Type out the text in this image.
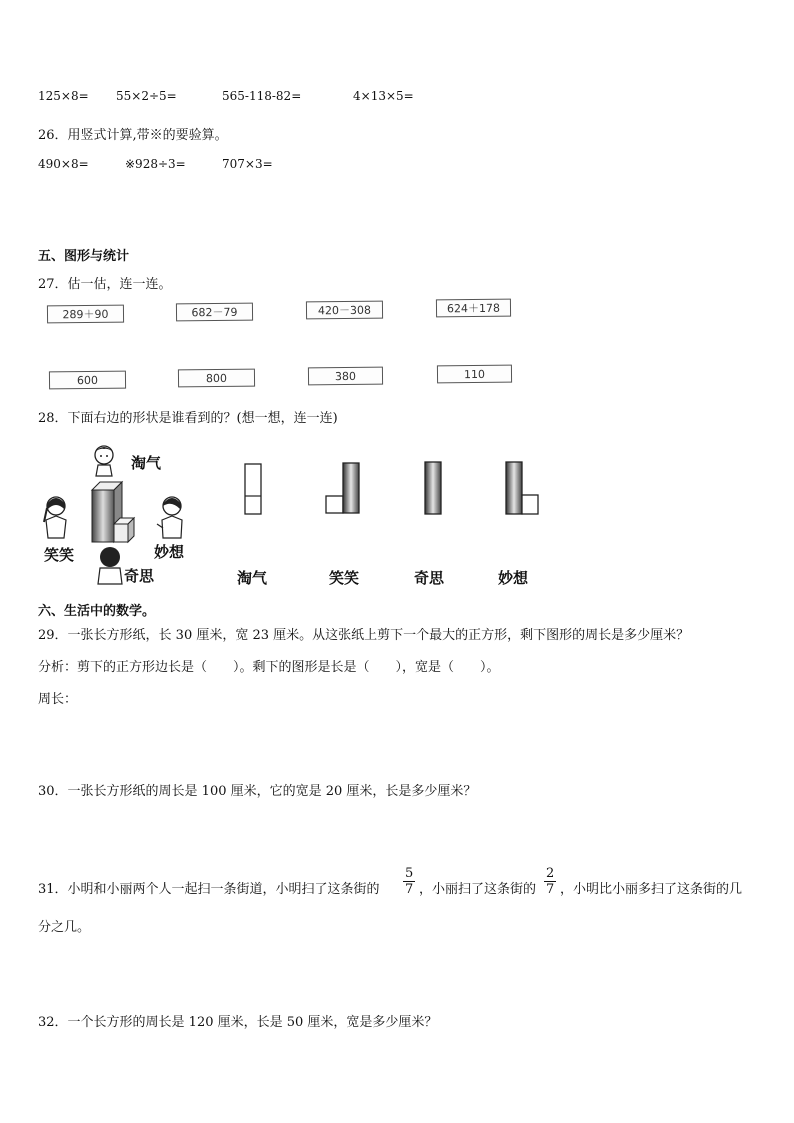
125×8= 55×2÷5=	565-118-82=	4×13×5=
26．用竖式计算,带※的要验算。
490×8=	※928÷3=	707×3=
五、图形与统计
27．估一估，连一连。
289＋90	682－79	420－308	624＋178
600	800	380	110
28．下面右边的形状是谁看到的？(想一想，连一连)
淘气
笑笑	妙想
奇思	淘气	笑笑	奇思	妙想
六、生活中的数学。
29．一张长方形纸，长 30 厘米，宽 23 厘米。从这张纸上剪下一个最大的正方形，剩下图形的周长是多少厘米？
分析：剪下的正方形边长是（　　）。剩下的图形是长是（　　），宽是（　　）。
周长：
30．一张长方形纸的周长是 100 厘米，它的宽是 20 厘米，长是多少厘米？
31．小明和小丽两个人一起扫一条街道，小明扫了这条街的 $\frac{5}{7}$ ，小丽扫了这条街的 $\frac{2}{7}$ ，小明比小丽多扫了这条街的几
分之几。
32．一个长方形的周长是 120 厘米，长是 50 厘米，宽是多少厘米？
